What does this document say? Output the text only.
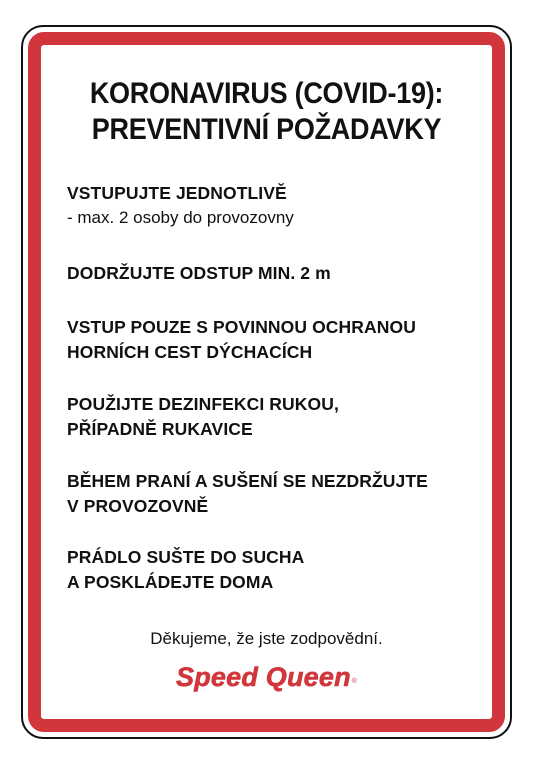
KORONAVIRUS (COVID-19):
PREVENTIVNÍ POŽADAVKY
VSTUPUJTE JEDNOTLIVĚ
- max. 2 osoby do provozovny
DODRŽUJTE ODSTUP MIN. 2 m
VSTUP POUZE S POVINNOU OCHRANOU
HORNÍCH CEST DÝCHACÍCH
POUŽIJTE DEZINFEKCI RUKOU,
PŘÍPADNĚ RUKAVICE
BĚHEM PRANÍ A SUŠENÍ SE NEZDRŽUJTE
V PROVOZOVNĚ
PRÁDLO SUŠTE DO SUCHA
A POSKLÁDEJTE DOMA
Děkujeme, že jste zodpovědní.
Speed Queen®
